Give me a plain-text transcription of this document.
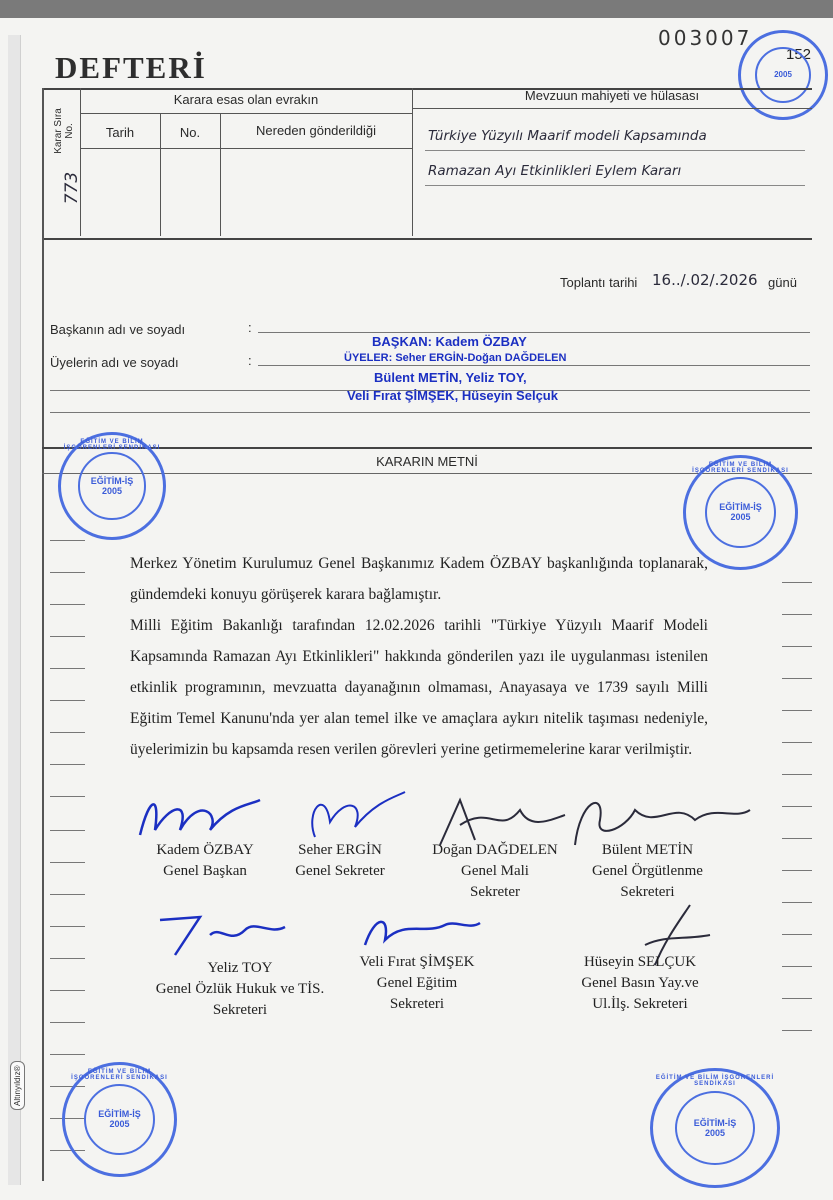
DEFTERİ
003007
152
2005
Karar Sıra No.
Karara esas olan evrakın
Tarih	No.	Nereden gönderildiği
Mevzuun mahiyeti ve hülasası
773
Türkiye Yüzyılı Maarif modeli Kapsamında
Ramazan Ayı Etkinlikleri Eylem Kararı
Toplantı tarihi 16../.02/.2026 günü
Başkanın adı ve soyadı	:
Üyelerin adı ve soyadı	:
BAŞKAN: Kadem ÖZBAY
ÜYELER: Seher ERGİN-Doğan DAĞDELEN
Bülent METİN, Yeliz TOY,
Veli Fırat ŞİMŞEK, Hüseyin Selçuk
KARARIN METNİ
EĞİTİM VE BİLİM İŞGÖRENLERİ SENDİKASI
EĞİTİM-İŞ
2005
EĞİTİM VE BİLİM İŞGÖRENLERİ SENDİKASI
EĞİTİM-İŞ
2005
Merkez Yönetim Kurulumuz Genel Başkanımız Kadem ÖZBAY başkanlığında toplanarak, gündemdeki konuyu görüşerek karara bağlamıştır.
Milli Eğitim Bakanlığı tarafından 12.02.2026 tarihli "Türkiye Yüzyılı Maarif Modeli Kapsamında Ramazan Ayı Etkinlikleri" hakkında gönderilen yazı ile uygulanması istenilen etkinlik programının, mevzuatta dayanağının olmaması, Anayasaya ve 1739 sayılı Milli Eğitim Temel Kanunu'nda yer alan temel ilke ve amaçlara aykırı nitelik taşıması nedeniyle, üyelerimizin bu kapsamda resen verilen görevleri yerine getirmemelerine karar verilmiştir.
Kadem ÖZBAY
Genel Başkan
Seher ERGİN
Genel Sekreter
Doğan DAĞDELEN
Genel Mali
Sekreter
Bülent METİN
Genel Örgütlenme
Sekreteri
Yeliz TOY
Genel Özlük Hukuk ve TİS.
Sekreteri
Veli Fırat ŞİMŞEK
Genel Eğitim
Sekreteri
Hüseyin SELÇUK
Genel Basın Yay.ve
Ul.İlş. Sekreteri
EĞİTİM VE BİLİM İŞGÖRENLERİ SENDİKASI
EĞİTİM-İŞ
2005
EĞİTİM VE BİLİM İŞGÖRENLERİ SENDİKASI
EĞİTİM-İŞ
2005
Altınyıldız®
